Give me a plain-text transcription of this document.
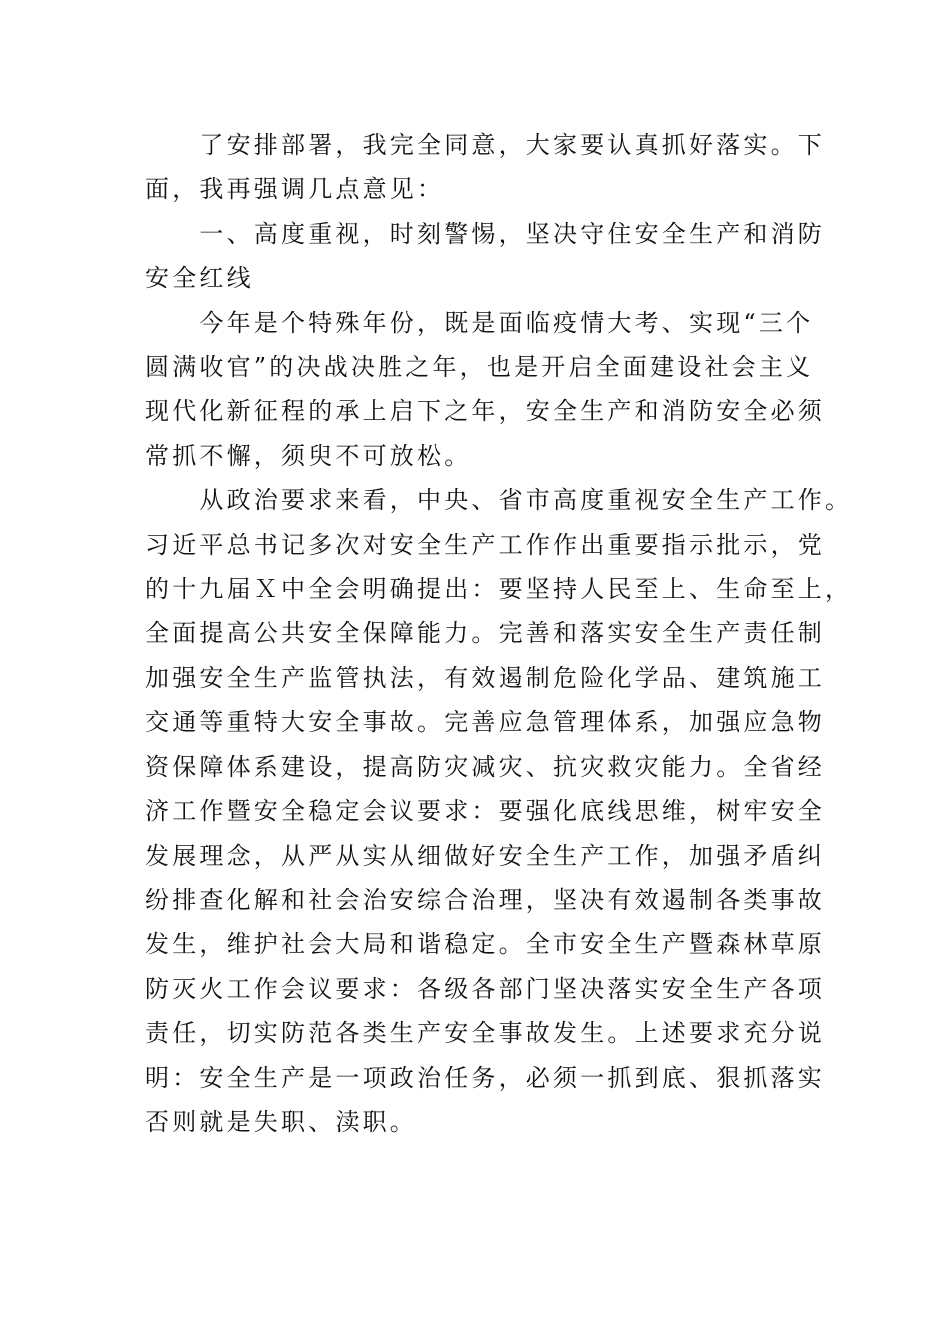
　　了安排部署，我完全同意，大家要认真抓好落实。下
面，我再强调几点意见：
　　一、高度重视，时刻警惕，坚决守住安全生产和消防
安全红线
　　今年是个特殊年份，既是面临疫情大考、实现“三个
圆满收官”的决战决胜之年，也是开启全面建设社会主义
现代化新征程的承上启下之年，安全生产和消防安全必须
常抓不懈，须臾不可放松。
　　从政治要求来看，中央、省市高度重视安全生产工作。
习近平总书记多次对安全生产工作作出重要指示批示，党
的十九届Ｘ中全会明确提出：要坚持人民至上、生命至上，
全面提高公共安全保障能力。完善和落实安全生产责任制
加强安全生产监管执法，有效遏制危险化学品、建筑施工
交通等重特大安全事故。完善应急管理体系，加强应急物
资保障体系建设，提高防灾减灾、抗灾救灾能力。全省经
济工作暨安全稳定会议要求：要强化底线思维，树牢安全
发展理念，从严从实从细做好安全生产工作，加强矛盾纠
纷排查化解和社会治安综合治理，坚决有效遏制各类事故
发生，维护社会大局和谐稳定。全市安全生产暨森林草原
防灭火工作会议要求：各级各部门坚决落实安全生产各项
责任，切实防范各类生产安全事故发生。上述要求充分说
明：安全生产是一项政治任务，必须一抓到底、狠抓落实
否则就是失职、渎职。
